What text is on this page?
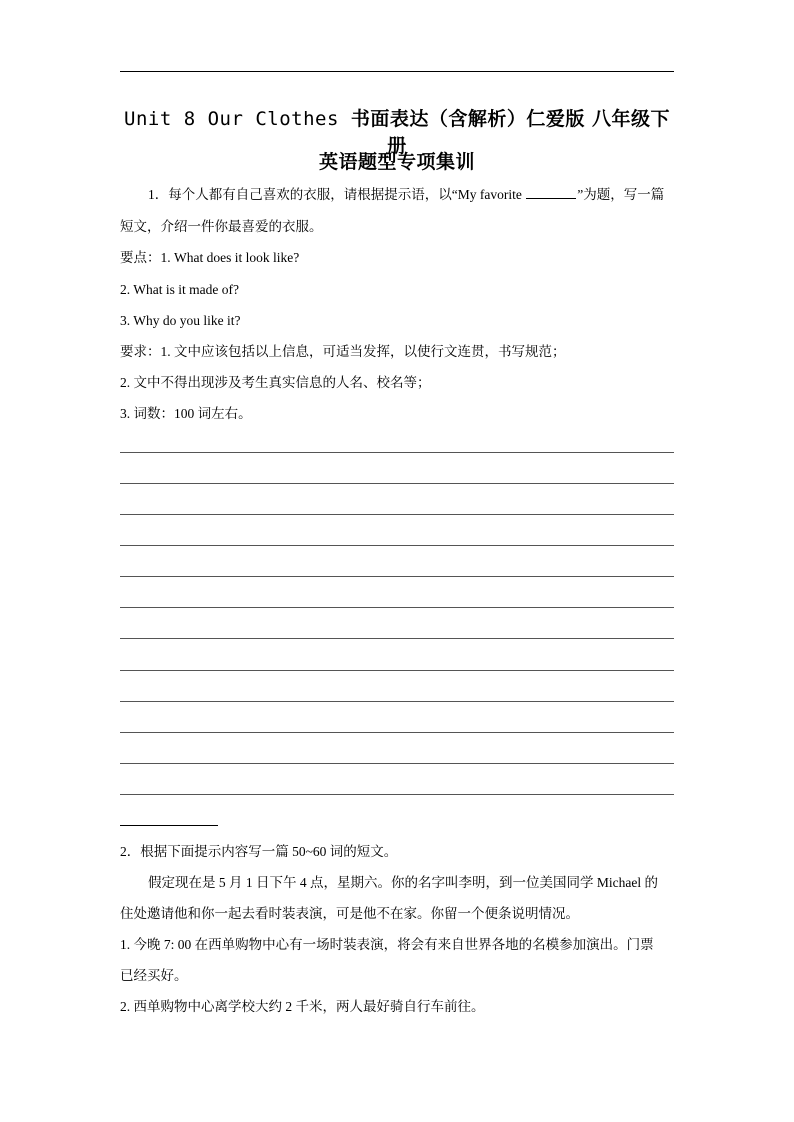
Unit 8 Our Clothes 书面表达（含解析）仁爱版 八年级下册
英语题型专项集训
1．每个人都有自己喜欢的衣服，请根据提示语，以“My favorite	”为题，写一篇
短文，介绍一件你最喜爱的衣服。
要点：1. What does it look like?
2. What is it made of?
3. Why do you like it?
要求：1. 文中应该包括以上信息，可适当发挥，以使行文连贯，书写规范；
2. 文中不得出现涉及考生真实信息的人名、校名等；
3. 词数：100 词左右。
2．根据下面提示内容写一篇 50~60 词的短文。
假定现在是 5 月 1 日下午 4 点，星期六。你的名字叫李明，到一位美国同学 Michael 的
住处邀请他和你一起去看时装表演，可是他不在家。你留一个便条说明情况。
1. 今晚 7: 00 在西单购物中心有一场时装表演，将会有来自世界各地的名模参加演出。门票
已经买好。
2. 西单购物中心离学校大约 2 千米，两人最好骑自行车前往。
